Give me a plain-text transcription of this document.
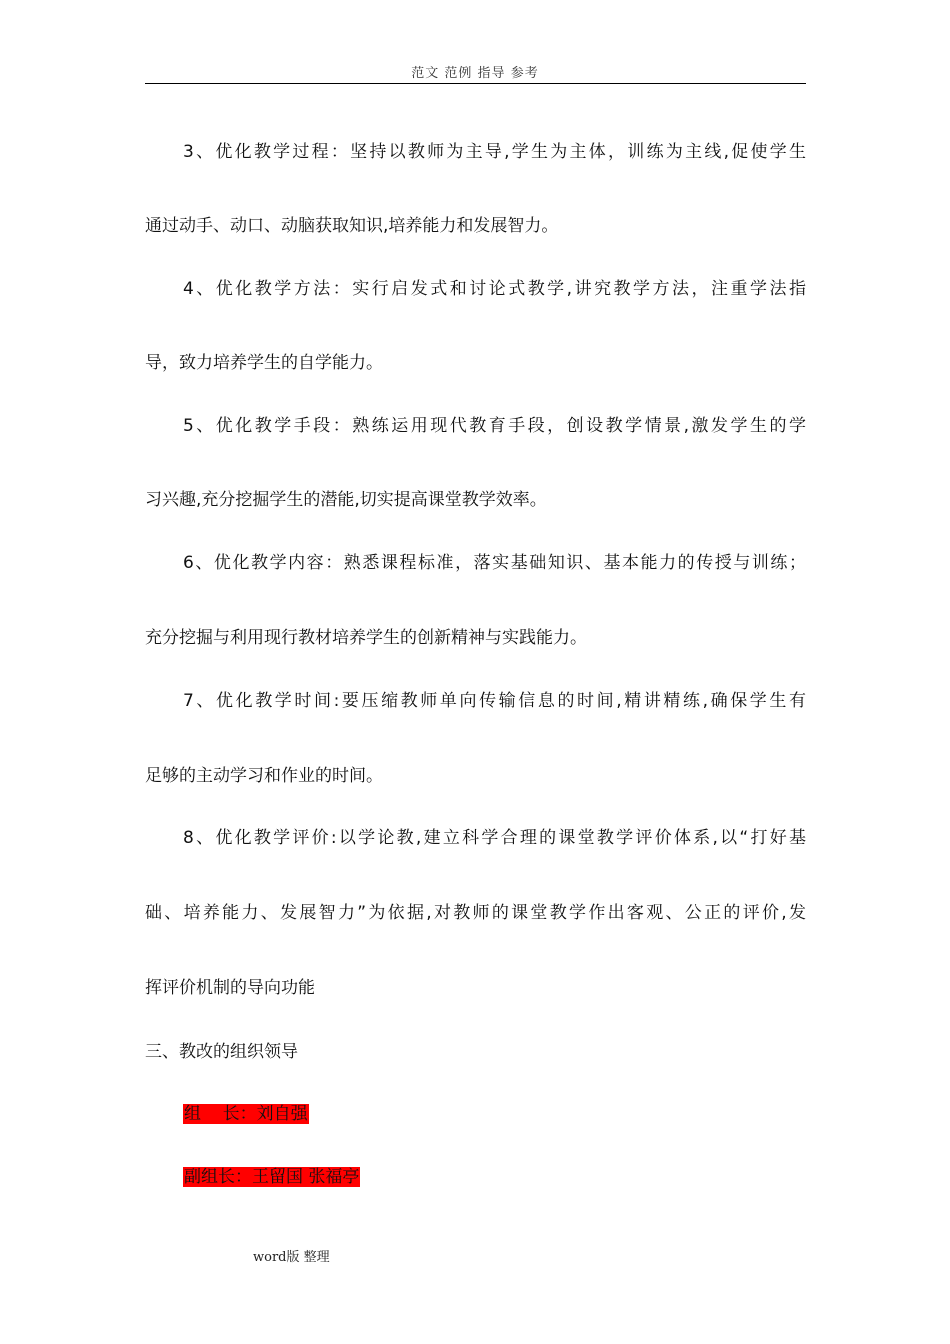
范文 范例 指导 参考
3、优化教学过程：坚持以教师为主导,学生为主体，训练为主线,促使学生
通过动手、动口、动脑获取知识,培养能力和发展智力。
4、优化教学方法：实行启发式和讨论式教学,讲究教学方法，注重学法指
导，致力培养学生的自学能力。
5、优化教学手段：熟练运用现代教育手段，创设教学情景,激发学生的学
习兴趣,充分挖掘学生的潜能,切实提高课堂教学效率。
6、优化教学内容：熟悉课程标准，落实基础知识、基本能力的传授与训练；
充分挖掘与利用现行教材培养学生的创新精神与实践能力。
7、优化教学时间:要压缩教师单向传输信息的时间,精讲精练,确保学生有
足够的主动学习和作业的时间。
8、优化教学评价:以学论教,建立科学合理的课堂教学评价体系,以“打好基
础、培养能力、发展智力”为依据,对教师的课堂教学作出客观、公正的评价,发
挥评价机制的导向功能
三、教改的组织领导
组    长：刘自强
副组长：王留国 张福亭
word版 整理
